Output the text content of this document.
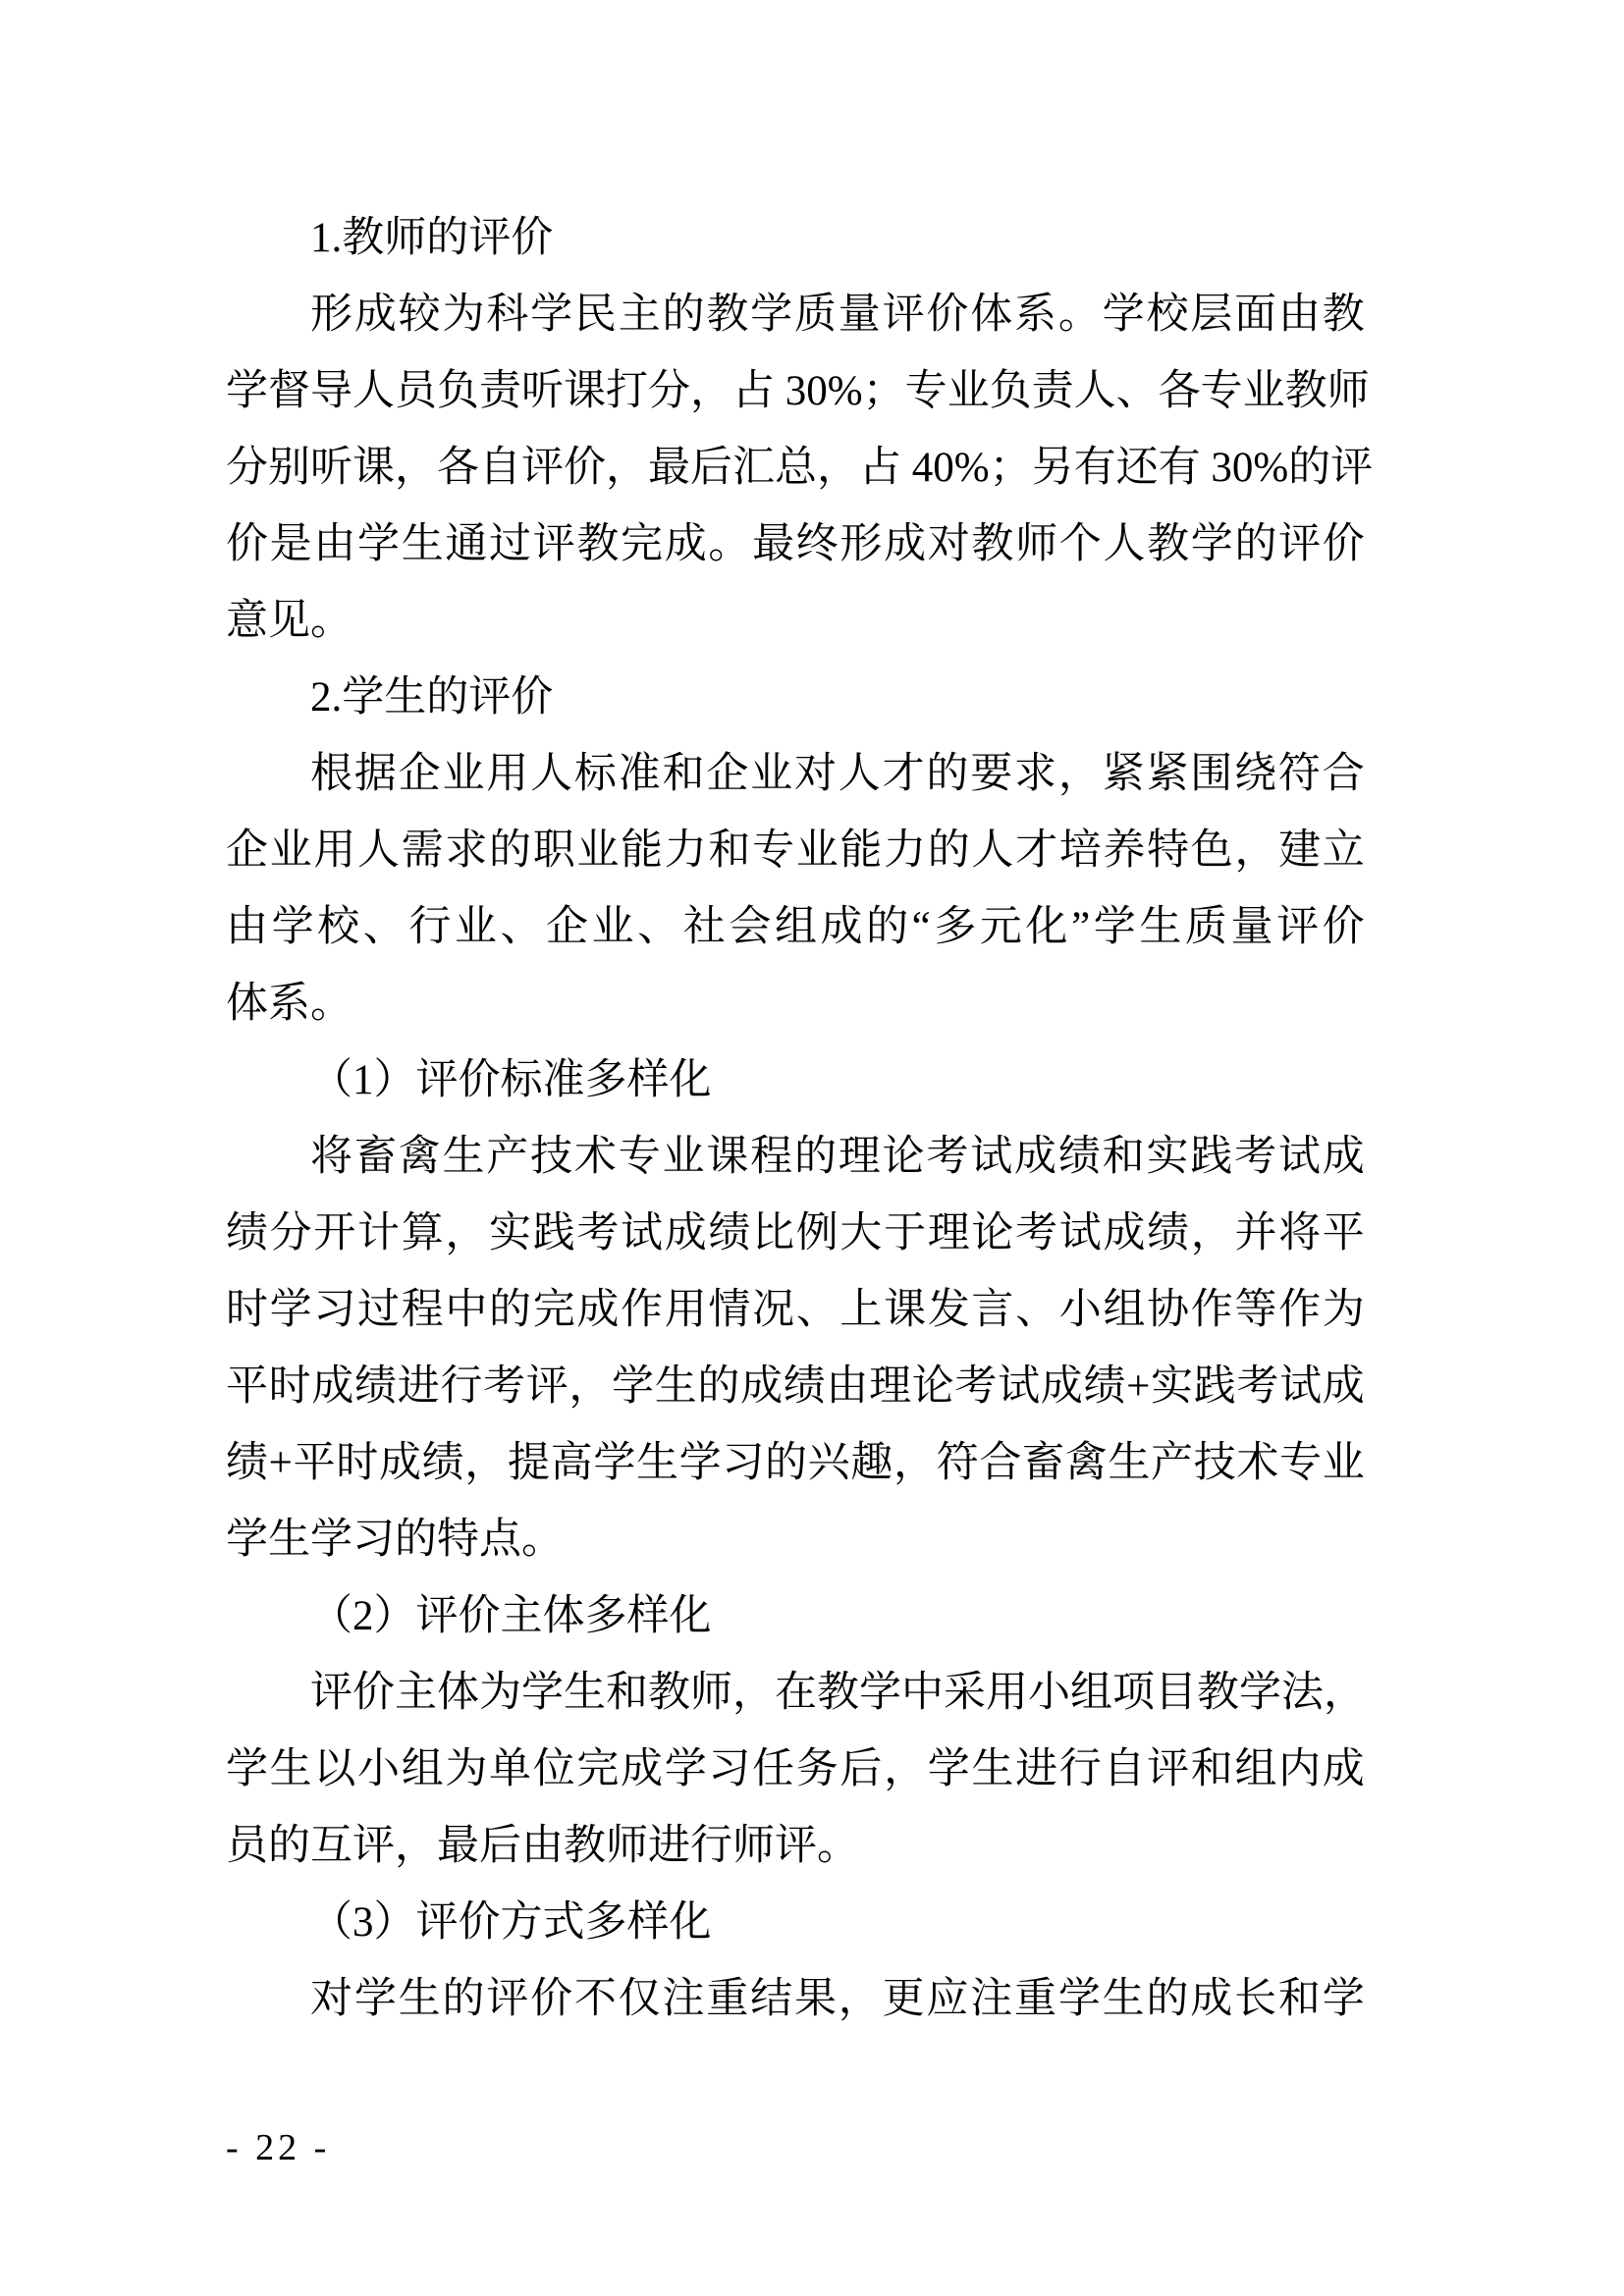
1.教师的评价
形 成 较 为 科 学 民 主 的 教 学 质 量 评 价 体 系 。 学 校 层 面 由 教
学 督 导 人 员 负 责 听 课 打 分 ， 占
3 0 % ； 专 业 负 责 人 、 各 专 业 教 师
分 别 听 课 ， 各 自 评 价 ， 最 后 汇 总 ， 占
4 0 % ； 另 有 还 有
3 0 % 的 评
价 是 由 学 生 通 过 评 教 完 成 。 最 终 形 成 对 教 师 个 人 教 学 的 评 价
意见。
2.学生的评价
根 据 企 业 用 人 标 准 和 企 业 对 人 才 的 要 求 ， 紧 紧 围 绕 符 合
企 业 用 人 需 求 的 职 业 能 力 和 专 业 能 力 的 人 才 培 养 特 色 ， 建 立
由 学 校 、 行 业 、 企 业 、 社 会 组 成 的 “ 多 元 化 ” 学 生 质 量 评 价
体系。
（1）评价标准多样化
将 畜 禽 生 产 技 术 专 业 课 程 的 理 论 考 试 成 绩 和 实 践 考 试 成
绩 分 开 计 算 ， 实 践 考 试 成 绩 比 例 大 于 理 论 考 试 成 绩 ， 并 将 平
时 学 习 过 程 中 的 完 成 作 用 情 况 、 上 课 发 言 、 小 组 协 作 等 作 为
平 时 成 绩 进 行 考 评 ， 学 生 的 成 绩 由 理 论 考 试 成 绩 + 实 践 考 试 成
绩 + 平 时 成 绩 ， 提 高 学 生 学 习 的 兴 趣 ， 符 合 畜 禽 生 产 技 术 专 业
学生学习的特点。
（2）评价主体多样化
评 价 主 体 为 学 生 和 教 师 ， 在 教 学 中 采 用 小 组 项 目 教 学 法 ，
学 生 以 小 组 为 单 位 完 成 学 习 任 务 后 ， 学 生 进 行 自 评 和 组 内 成
员的互评，最后由教师进行师评。
（3）评价方式多样化
对 学 生 的 评 价 不 仅 注 重 结 果 ， 更 应 注 重 学 生 的 成 长 和 学
- 22 -
